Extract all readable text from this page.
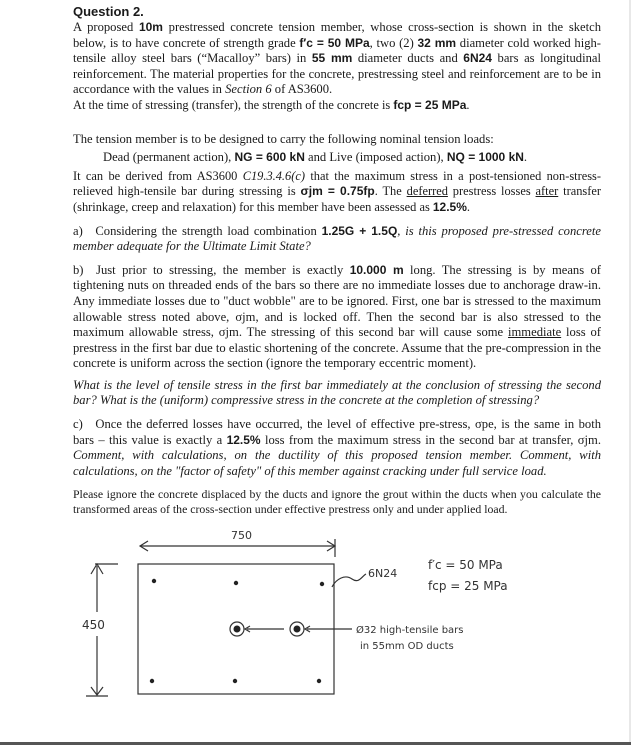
Question 2.

A proposed 10m prestressed concrete tension member, whose cross-section is shown in the sketch below, is to have concrete of strength grade f′c = 50 MPa, two (2) 32 mm diameter cold worked high-tensile alloy steel bars (“Macalloy” bars) in 55 mm diameter ducts and 6N24 bars as longitudinal reinforcement. The material properties for the concrete, prestressing steel and reinforcement are to be in accordance with the values in Section 6 of AS3600.

At the time of stressing (transfer), the strength of the concrete is fcp = 25 MPa.

The tension member is to be designed to carry the following nominal tension loads:

Dead (permanent action), NG = 600 kN and Live (imposed action), NQ = 1000 kN.

It can be derived from AS3600 C19.3.4.6(c) that the maximum stress in a post-tensioned non-stress-relieved high-tensile bar during stressing is σjm = 0.75fp. The deferred prestress losses after transfer (shrinkage, creep and relaxation) for this member have been assessed as 12.5%.

a) Considering the strength load combination 1.25G + 1.5Q, is this proposed pre-stressed concrete member adequate for the Ultimate Limit State?

b) Just prior to stressing, the member is exactly 10.000 m long. The stressing is by means of tightening nuts on threaded ends of the bars so there are no immediate losses due to anchorage draw-in. Any immediate losses due to "duct wobble" are to be ignored. First, one bar is stressed to the maximum allowable stress noted above, σjm, and is locked off. Then the second bar is also stressed to the maximum allowable stress, σjm. The stressing of this second bar will cause some immediate loss of prestress in the first bar due to elastic shortening of the concrete. Assume that the pre-compression in the concrete is uniform across the section (ignore the temporary eccentric moment).

What is the level of tensile stress in the first bar immediately at the conclusion of stressing the second bar? What is the (uniform) compressive stress in the concrete at the completion of stressing?

c) Once the deferred losses have occurred, the level of effective pre-stress, σpe, is the same in both bars – this value is exactly a 12.5% loss from the maximum stress in the second bar at transfer, σjm. Comment, with calculations, on the ductility of this proposed tension member. Comment, with calculations, on the "factor of safety" of this member against cracking under full service load.

Please ignore the concrete displaced by the ducts and ignore the grout within the ducts when you calculate the transformed areas of the cross-section under effective prestress only and under applied load.

750
450
6N24
f′c = 50 MPa
fcp = 25 MPa
Ø32 high-tensile bars
in 55mm OD ducts
